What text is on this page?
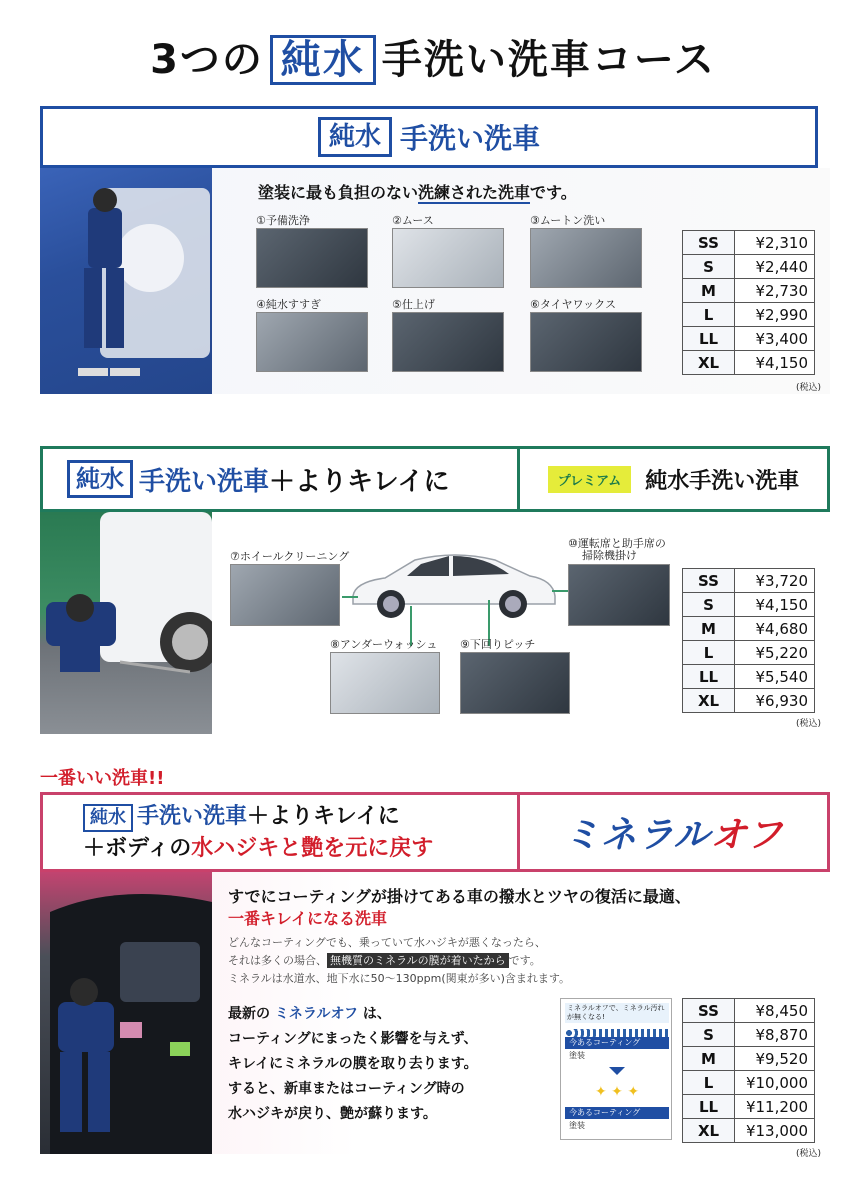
3つの 純水 手洗い洗車コース
純水 手洗い洗車
塗装に最も負担のない洗練された洗車です。
①予備洗浄	②ムース	③ムートン洗い
④純水すすぎ	⑤仕上げ	⑥タイヤワックス
SS	¥2,310
S	¥2,440
M	¥2,730
L	¥2,990
LL	¥3,400
XL	¥4,150
(税込)
純水 手洗い洗車 ＋よりキレイに	プレミアム	純水手洗い洗車
⑦ホイールクリーニング
⑩運転席と助手席の
掃除機掛け
⑧アンダーウォッシュ ⑨下回りピッチ
SS	¥3,720
S	¥4,150
M	¥4,680
L	¥5,220
LL	¥5,540
XL	¥6,930
(税込)
一番いい洗車!!
純水 手洗い洗車＋よりキレイに
＋ボディの水ハジキと艶を元に戻す	ミネラル オフ
すでにコーティングが掛けてある車の撥水とツヤの復活に最適、
一番キレイになる洗車
どんなコーティングでも、乗っていて水ハジキが悪くなったら、
それは多くの場合、 無機質のミネラルの膜が着いたから です。
ミネラルは水道水、地下水に50～130ppm(関東が多い)含まれます。
最新の ミネラルオフ は、
コーティングにまったく影響を与えず、
キレイにミネラルの膜を取り去ります。
すると、新車またはコーティング時の
水ハジキが戻り、艶が蘇ります。
ミネラルオフで、ミネラル汚れが無くなる!
今あるコーティング
塗装
✦ ✦ ✦
今あるコーティング
塗装
SS	¥8,450
S	¥8,870
M	¥9,520
L	¥10,000
LL	¥11,200
XL	¥13,000
(税込)
